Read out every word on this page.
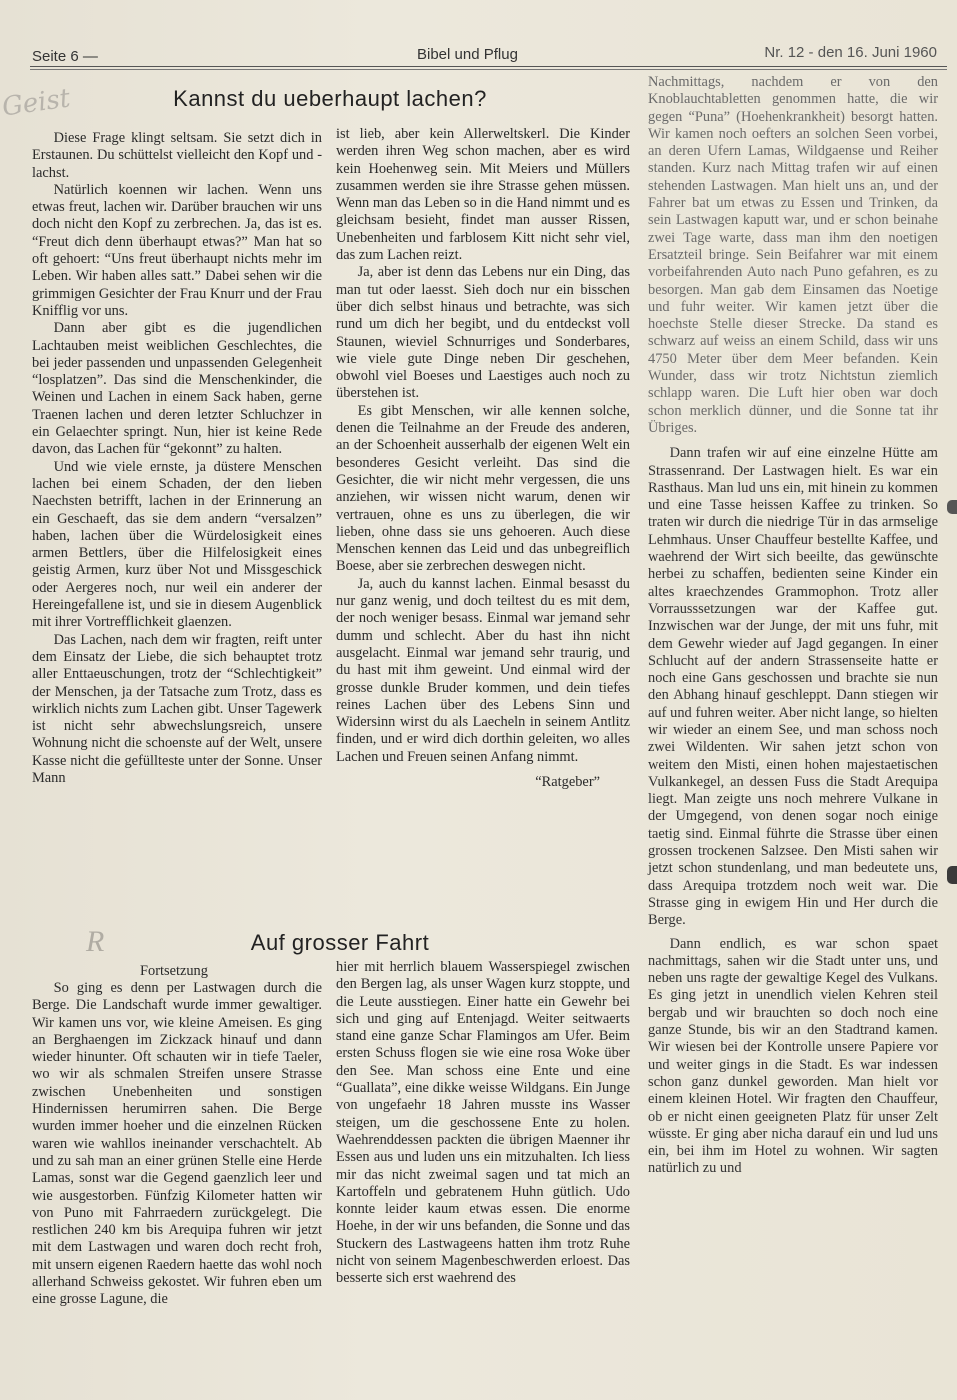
Seite 6 —	Bibel und Pflug	Nr. 12 - den 16. Juni 1960
Geist	Kannst du ueberhaupt lachen?

Diese Frage klingt seltsam. Sie setzt dich in Erstaunen. Du schüttelst vielleicht den Kopf und - lachst.

Natürlich koennen wir lachen. Wenn uns etwas freut, lachen wir. Darüber brauchen wir uns doch nicht den Kopf zu zerbrechen. Ja, das ist es. “Freut dich denn überhaupt etwas?” Man hat so oft gehoert: “Uns freut überhaupt nichts mehr im Leben. Wir haben alles satt.” Dabei sehen wir die grimmigen Gesichter der Frau Knurr und der Frau Knifflig vor uns.

Dann aber gibt es die jugendlichen Lachtauben meist weiblichen Geschlechtes, die bei jeder passenden und unpassenden Gelegenheit “losplatzen”. Das sind die Menschenkinder, die Weinen und Lachen in einem Sack haben, gerne Traenen lachen und deren letzter Schluchzer in ein Gelaechter springt. Nun, hier ist keine Rede davon, das Lachen für “gekonnt” zu halten.

Und wie viele ernste, ja düstere Menschen lachen bei einem Schaden, der den lieben Naechsten betrifft, lachen in der Erinnerung an ein Geschaeft, das sie dem andern “versalzen” haben, lachen über die Würdelosigkeit eines armen Bettlers, über die Hilfelosigkeit eines geistig Armen, kurz über Not und Missgeschick oder Aergeres noch, nur weil ein anderer der Hereingefallene ist, und sie in diesem Augenblick mit ihrer Vortrefflichkeit glaenzen.

Das Lachen, nach dem wir fragten, reift unter dem Einsatz der Liebe, die sich behauptet trotz aller Enttaeuschungen, trotz der “Schlechtigkeit” der Menschen, ja der Tatsache zum Trotz, dass es wirklich nichts zum Lachen gibt. Unser Tagewerk ist nicht sehr abwechslungsreich, unsere Wohnung nicht die schoenste auf der Welt, unsere Kasse nicht die gefüllteste unter der Sonne. Unser Mann

ist lieb, aber kein Allerweltskerl. Die Kinder werden ihren Weg schon machen, aber es wird kein Hoehenweg sein. Mit Meiers und Müllers zusammen werden sie ihre Strasse gehen müssen. Wenn man das Leben so in die Hand nimmt und es gleichsam besieht, findet man ausser Rissen, Unebenheiten und farblosem Kitt nicht sehr viel, das zum Lachen reizt.

Ja, aber ist denn das Lebens nur ein Ding, das man tut oder laesst. Sieh doch nur ein bisschen über dich selbst hinaus und betrachte, was sich rund um dich her begibt, und du entdeckst voll Staunen, wieviel Schnurriges und Sonderbares, wie viele gute Dinge neben Dir geschehen, obwohl viel Boeses und Laestiges auch noch zu überstehen ist.

Es gibt Menschen, wir alle kennen solche, denen die Teilnahme an der Freude des anderen, an der Schoenheit ausserhalb der eigenen Welt ein besonderes Gesicht verleiht. Das sind die Gesichter, die wir nicht mehr vergessen, die uns anziehen, wir wissen nicht warum, denen wir vertrauen, ohne es uns zu überlegen, die wir lieben, ohne dass sie uns gehoeren. Auch diese Menschen kennen das Leid und das unbegreiflich Boese, aber sie zerbrechen deswegen nicht.

Ja, auch du kannst lachen. Einmal besasst du nur ganz wenig, und doch teiltest du es mit dem, der noch weniger besass. Einmal war jemand sehr dumm und schlecht. Aber du hast ihn nicht ausgelacht. Einmal war jemand sehr traurig, und du hast mit ihm geweint. Und einmal wird der grosse dunkle Bruder kommen, und dein tiefes reines Lachen über des Lebens Sinn und Widersinn wirst du als Laecheln in seinem Antlitz finden, und er wird dich dorthin geleiten, wo alles Lachen und Freuen seinen Anfang nimmt.

“Ratgeber”

R	Auf grosser Fahrt
Fortsetzung

So ging es denn per Lastwagen durch die Berge. Die Landschaft wurde immer gewaltiger. Wir kamen uns vor, wie kleine Ameisen. Es ging an Berghaengen im Zickzack hinauf und dann wieder hinunter. Oft schauten wir in tiefe Taeler, wo wir als schmalen Streifen unsere Strasse zwischen Unebenheiten und sonstigen Hindernissen herumirren sahen. Die Berge wurden immer hoeher und die einzelnen Rücken waren wie wahllos ineinander verschachtelt. Ab und zu sah man an einer grünen Stelle eine Herde Lamas, sonst war die Gegend gaenzlich leer und wie ausgestorben. Fünfzig Kilometer hatten wir von Puno mit Fahrraedern zurückgelegt. Die restlichen 240 km bis Arequipa fuhren wir jetzt mit dem Lastwagen und waren doch recht froh, mit unsern eigenen Raedern haette das wohl noch allerhand Schweiss gekostet. Wir fuhren eben um eine grosse Lagune, die

hier mit herrlich blauem Wasserspiegel zwischen den Bergen lag, als unser Wagen kurz stoppte, und die Leute ausstiegen. Einer hatte ein Gewehr bei sich und ging auf Entenjagd. Weiter seitwaerts stand eine ganze Schar Flamingos am Ufer. Beim ersten Schuss flogen sie wie eine rosa Woke über den See. Man schoss eine Ente und eine “Guallata”, eine dikke weisse Wildgans. Ein Junge von ungefaehr 18 Jahren musste ins Wasser steigen, um die geschossene Ente zu holen. Waehrenddessen packten die übrigen Maenner ihr Essen aus und luden uns ein mitzuhalten. Ich liess mir das nicht zweimal sagen und tat mich an Kartoffeln und gebratenem Huhn gütlich. Udo konnte leider kaum etwas essen. Die enorme Hoehe, in der wir uns befanden, die Sonne und das Stuckern des Lastwageens hatten ihm trotz Ruhe nicht von seinem Magenbeschwerden erloest. Das besserte sich erst waehrend des

Nachmittags, nachdem er von den Knoblauchtabletten genommen hatte, die wir gegen “Puna” (Hoehenkrankheit) besorgt hatten. Wir kamen noch oefters an solchen Seen vorbei, an deren Ufern Lamas, Wildgaense und Reiher standen. Kurz nach Mittag trafen wir auf einen stehenden Lastwagen. Man hielt uns an, und der Fahrer bat um etwas zu Essen und Trinken, da sein Lastwagen kaputt war, und er schon beinahe zwei Tage warte, dass man ihm den noetigen Ersatzteil bringe. Sein Beifahrer war mit einem vorbeifahrenden Auto nach Puno gefahren, es zu besorgen. Man gab dem Einsamen das Noetige und fuhr weiter. Wir kamen jetzt über die hoechste Stelle dieser Strecke. Da stand es schwarz auf weiss an einem Schild, dass wir uns 4750 Meter über dem Meer befanden. Kein Wunder, dass wir trotz Nichtstun ziemlich schlapp waren. Die Luft hier oben war doch schon merklich dünner, und die Sonne tat ihr Übriges.

Dann trafen wir auf eine einzelne Hütte am Strassenrand. Der Lastwagen hielt. Es war ein Rasthaus. Man lud uns ein, mit hinein zu kommen und eine Tasse heissen Kaffee zu trinken. So traten wir durch die niedrige Tür in das armselige Lehmhaus. Unser Chauffeur bestellte Kaffee, und waehrend der Wirt sich beeilte, das gewünschte herbei zu schaffen, bedienten seine Kinder ein altes kraechzendes Grammophon. Trotz aller Vorrausssetzungen war der Kaffee gut. Inzwischen war der Junge, der mit uns fuhr, mit dem Gewehr wieder auf Jagd gegangen. In einer Schlucht auf der andern Strassenseite hatte er noch eine Gans geschossen und brachte sie nun den Abhang hinauf geschleppt. Dann stiegen wir auf und fuhren weiter. Aber nicht lange, so hielten wir wieder an einem See, und man schoss noch zwei Wildenten. Wir sahen jetzt schon von weitem den Misti, einen hohen majestaetischen Vulkankegel, an dessen Fuss die Stadt Arequipa liegt. Man zeigte uns noch mehrere Vulkane in der Umgegend, von denen sogar noch einige taetig sind. Einmal führte die Strasse über einen grossen trockenen Salzsee. Den Misti sahen wir jetzt schon stundenlang, und man bedeutete uns, dass Arequipa trotzdem noch weit war. Die Strasse ging in ewigem Hin und Her durch die Berge.

Dann endlich, es war schon spaet nachmittags, sahen wir die Stadt unter uns, und neben uns ragte der gewaltige Kegel des Vulkans. Es ging jetzt in unendlich vielen Kehren steil bergab und wir brauchten so doch noch eine ganze Stunde, bis wir an den Stadtrand kamen. Wir wiesen bei der Kontrolle unsere Papiere vor und weiter gings in die Stadt. Es war indessen schon ganz dunkel geworden. Man hielt vor einem kleinen Hotel. Wir fragten den Chauffeur, ob er nicht einen geeigneten Platz für unser Zelt wüsste. Er ging aber nicha darauf ein und lud uns ein, bei ihm im Hotel zu wohnen. Wir sagten natürlich zu und
